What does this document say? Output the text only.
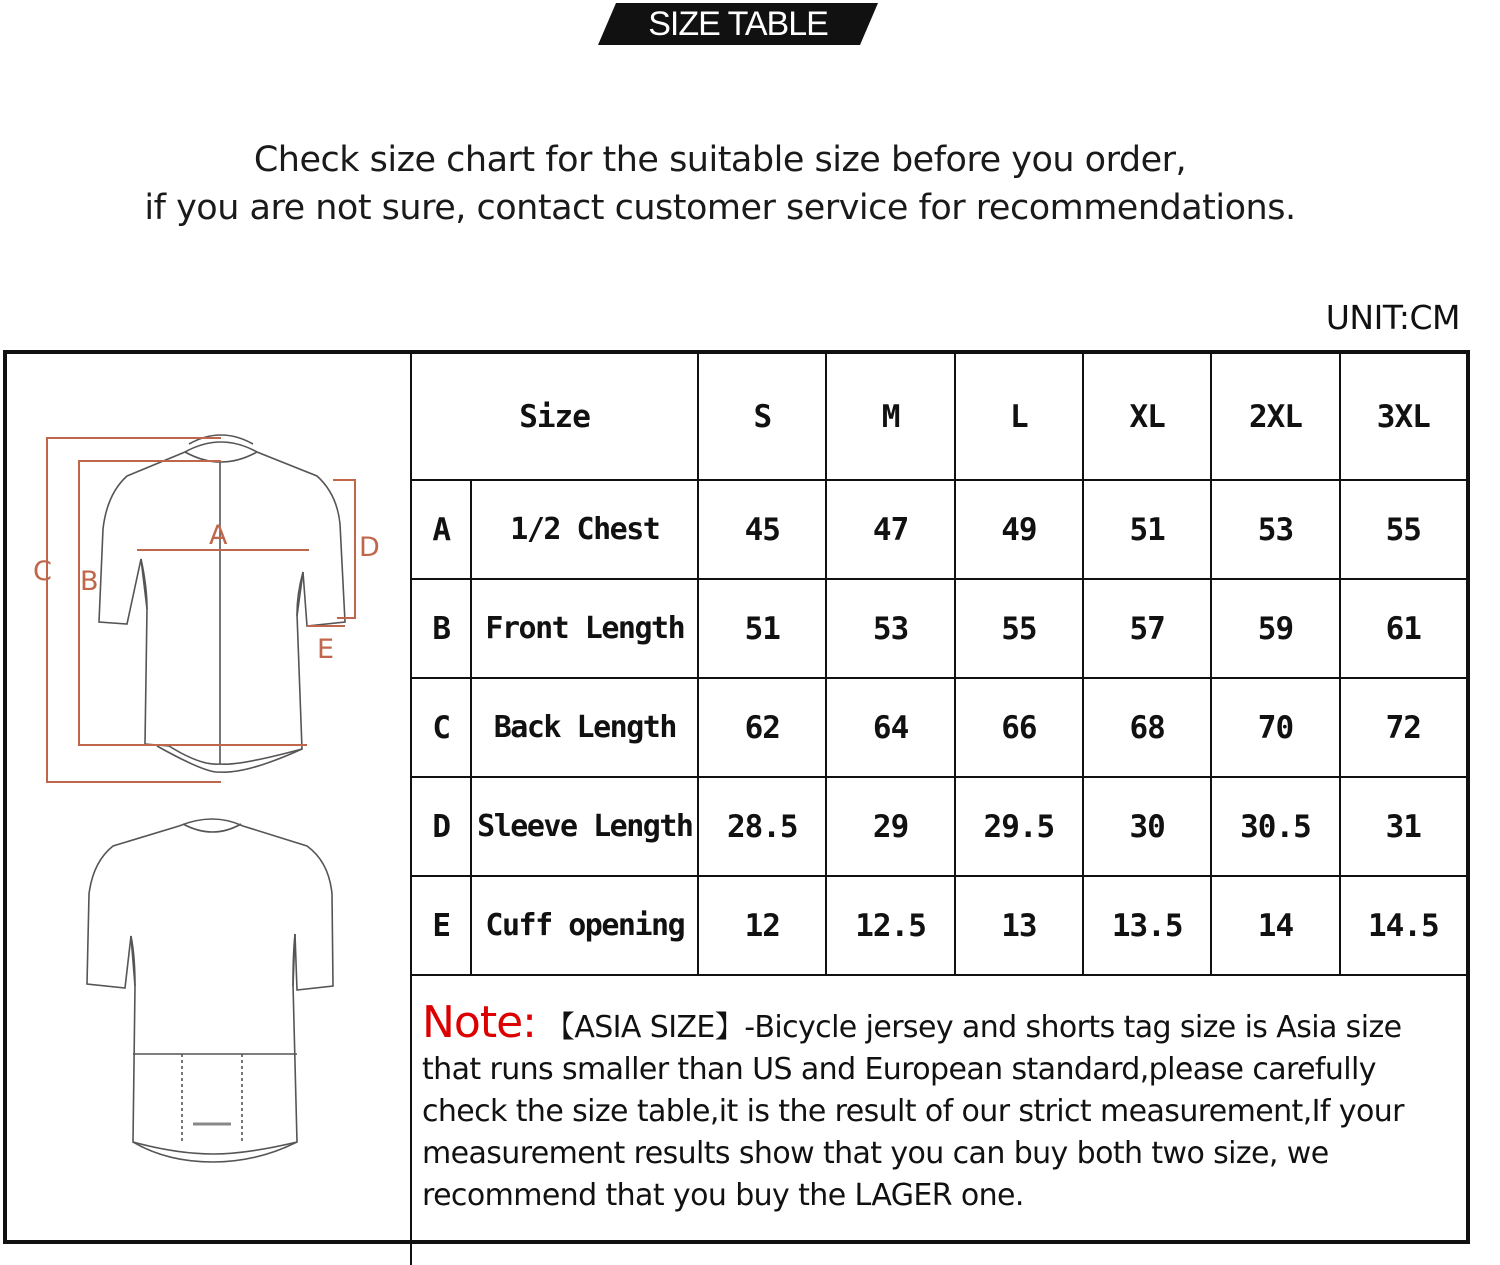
SIZE TABLE
Check size chart for the suitable size before you order,
if you are not sure, contact customer service for recommendations.
UNIT:CM
C B
A	D
E
Size		S	M	L	XL	2XL	3XL
A	1/2 Chest	45	47	49	51	53	55
B	Front Length	51	53	55	57	59	61
C	Back Length	62	64	66	68	70	72
D	Sleeve Length	28.5	29	29.5	30	30.5	31
E	Cuff opening	12	12.5	13	13.5	14	14.5
Note: 【ASIA SIZE】-Bicycle jersey and shorts tag size is Asia size that runs smaller than US and European standard,please carefully check the size table,it is the result of our strict measurement,If your measurement results show that you can buy both two size, we recommend that you buy the LAGER one.							
